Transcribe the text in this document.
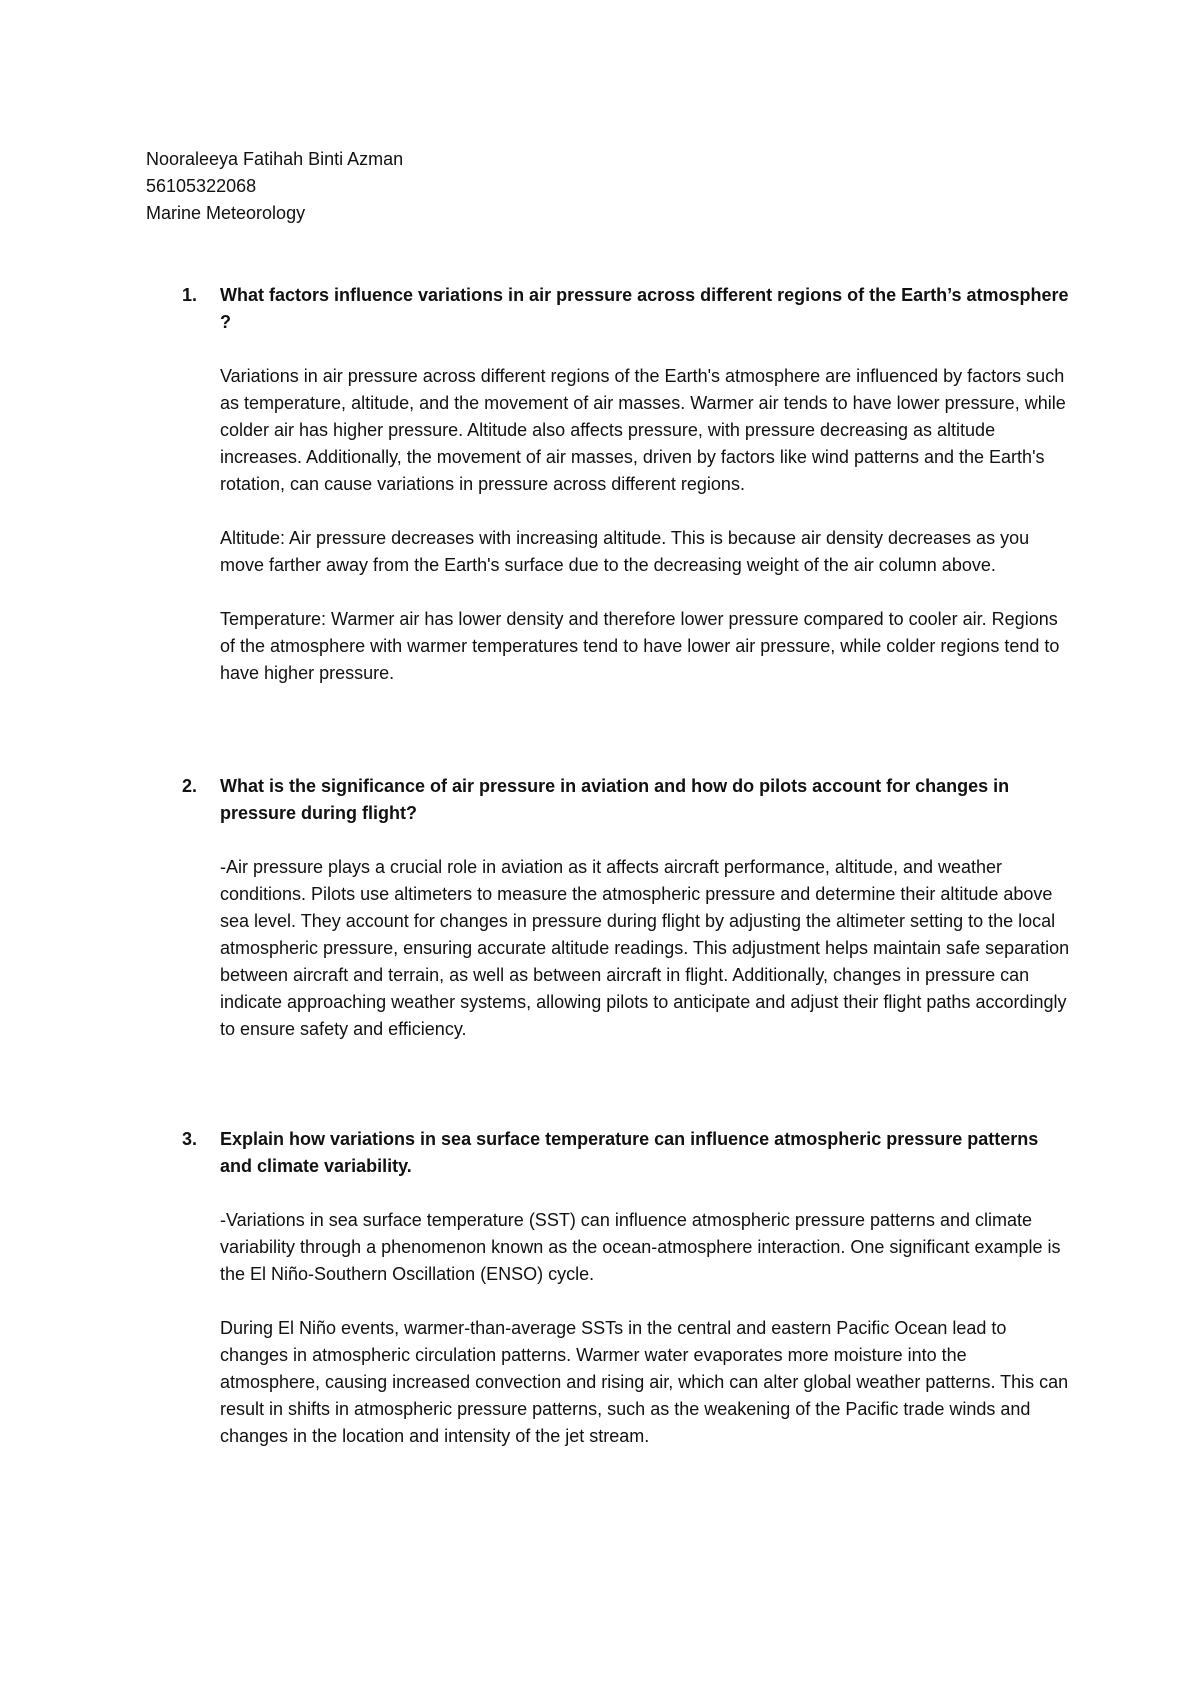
Nooraleeya Fatihah Binti Azman

56105322068

Marine Meteorology

1. What factors influence variations in air pressure across different regions of the Earth’s atmosphere ?

Variations in air pressure across different regions of the Earth's atmosphere are influenced by factors such as temperature, altitude, and the movement of air masses. Warmer air tends to have lower pressure, while colder air has higher pressure. Altitude also affects pressure, with pressure decreasing as altitude increases. Additionally, the movement of air masses, driven by factors like wind patterns and the Earth's rotation, can cause variations in pressure across different regions.

Altitude: Air pressure decreases with increasing altitude. This is because air density decreases as you move farther away from the Earth's surface due to the decreasing weight of the air column above.

Temperature: Warmer air has lower density and therefore lower pressure compared to cooler air. Regions of the atmosphere with warmer temperatures tend to have lower air pressure, while colder regions tend to have higher pressure.

2. What is the significance of air pressure in aviation and how do pilots account for changes in pressure during flight?

-Air pressure plays a crucial role in aviation as it affects aircraft performance, altitude, and weather conditions. Pilots use altimeters to measure the atmospheric pressure and determine their altitude above sea level. They account for changes in pressure during flight by adjusting the altimeter setting to the local atmospheric pressure, ensuring accurate altitude readings. This adjustment helps maintain safe separation between aircraft and terrain, as well as between aircraft in flight. Additionally, changes in pressure can indicate approaching weather systems, allowing pilots to anticipate and adjust their flight paths accordingly to ensure safety and efficiency.

3. Explain how variations in sea surface temperature can influence atmospheric pressure patterns and climate variability.

-Variations in sea surface temperature (SST) can influence atmospheric pressure patterns and climate variability through a phenomenon known as the ocean-atmosphere interaction. One significant example is the El Niño-Southern Oscillation (ENSO) cycle.

During El Niño events, warmer-than-average SSTs in the central and eastern Pacific Ocean lead to changes in atmospheric circulation patterns. Warmer water evaporates more moisture into the atmosphere, causing increased convection and rising air, which can alter global weather patterns. This can result in shifts in atmospheric pressure patterns, such as the weakening of the Pacific trade winds and changes in the location and intensity of the jet stream.
